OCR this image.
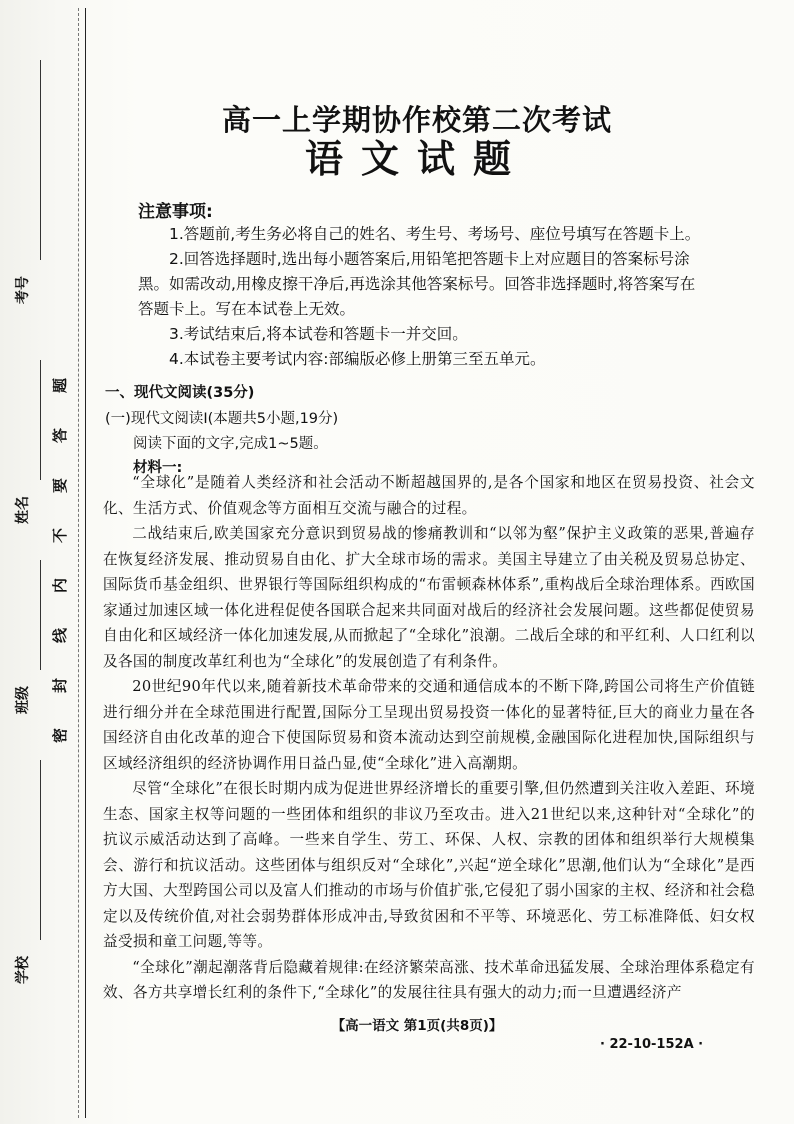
考号
姓名
班级
学校
题
答
要
不
内
线
封
密
高一上学期协作校第二次考试
语文试题
注意事项:

1.答题前,考生务必将自己的姓名、考生号、考场号、座位号填写在答题卡上。

2.回答选择题时,选出每小题答案后,用铅笔把答题卡上对应题目的答案标号涂

黑。如需改动,用橡皮擦干净后,再选涂其他答案标号。回答非选择题时,将答案写在

答题卡上。写在本试卷上无效。

3.考试结束后,将本试卷和答题卡一并交回。

4.本试卷主要考试内容:部编版必修上册第三至五单元。

一、现代文阅读(35分)
(一)现代文阅读Ⅰ(本题共5小题,19分)
阅读下面的文字,完成1~5题。
材料一:

“全球化”是随着人类经济和社会活动不断超越国界的,是各个国家和地区在贸易投资、社会文化、生活方式、价值观念等方面相互交流与融合的过程。

二战结束后,欧美国家充分意识到贸易战的惨痛教训和“以邻为壑”保护主义政策的恶果,普遍存在恢复经济发展、推动贸易自由化、扩大全球市场的需求。美国主导建立了由关税及贸易总协定、国际货币基金组织、世界银行等国际组织构成的“布雷顿森林体系”,重构战后全球治理体系。西欧国家通过加速区域一体化进程促使各国联合起来共同面对战后的经济社会发展问题。这些都促使贸易自由化和区域经济一体化加速发展,从而掀起了“全球化”浪潮。二战后全球的和平红利、人口红利以及各国的制度改革红利也为“全球化”的发展创造了有利条件。

20世纪90年代以来,随着新技术革命带来的交通和通信成本的不断下降,跨国公司将生产价值链进行细分并在全球范围进行配置,国际分工呈现出贸易投资一体化的显著特征,巨大的商业力量在各国经济自由化改革的迎合下使国际贸易和资本流动达到空前规模,金融国际化进程加快,国际组织与区域经济组织的经济协调作用日益凸显,使“全球化”进入高潮期。

尽管“全球化”在很长时期内成为促进世界经济增长的重要引擎,但仍然遭到关注收入差距、环境生态、国家主权等问题的一些团体和组织的非议乃至攻击。进入21世纪以来,这种针对“全球化”的抗议示威活动达到了高峰。一些来自学生、劳工、环保、人权、宗教的团体和组织举行大规模集会、游行和抗议活动。这些团体与组织反对“全球化”,兴起“逆全球化”思潮,他们认为“全球化”是西方大国、大型跨国公司以及富人们推动的市场与价值扩张,它侵犯了弱小国家的主权、经济和社会稳定以及传统价值,对社会弱势群体形成冲击,导致贫困和不平等、环境恶化、劳工标准降低、妇女权益受损和童工问题,等等。

“全球化”潮起潮落背后隐藏着规律:在经济繁荣高涨、技术革命迅猛发展、全球治理体系稳定有效、各方共享增长红利的条件下,“全球化”的发展往往具有强大的动力;而一旦遭遇经济产

【高一语文 第1页(共8页)】
· 22-10-152A ·
